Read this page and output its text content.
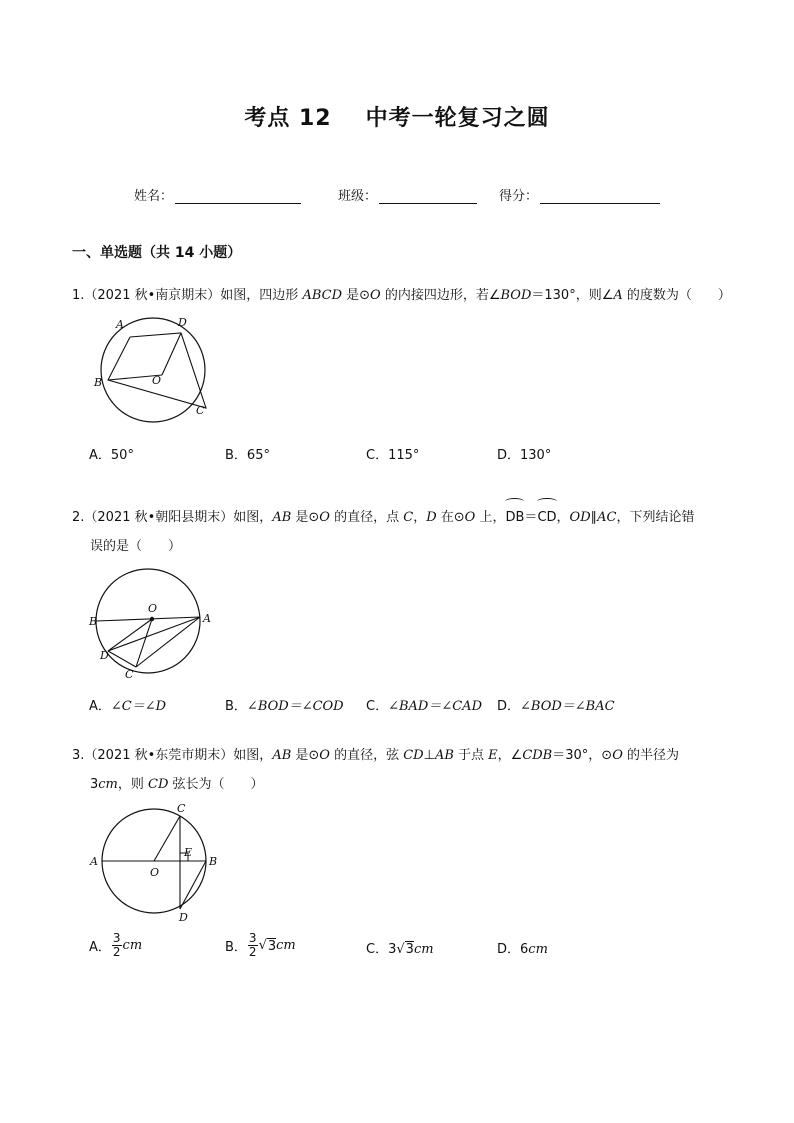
考点 12 中考一轮复习之圆
姓名：	班级：	得分：
一、单选题（共 14 小题）
1.（2021 秋•南京期末）如图，四边形 ABCD 是⊙O 的内接四边形，若∠BOD＝130°，则∠A 的度数为（　　）
A	D
B	O
C
A．50°	B．65°	C．115°	D．130°
2.（2021 秋•朝阳县期末）如图，AB 是⊙O 的直径，点 C，D 在⊙O 上，DB＝CD，OD∥AC，下列结论错
误的是（　　）
O
B	A
D
C
A．∠C＝∠D	B．∠BOD＝∠COD C．∠BAD＝∠CAD D．∠BOD＝∠BAC
3.（2021 秋•东莞市期末）如图，AB 是⊙O 的直径，弦 CD⊥AB 于点 E，∠CDB＝30°，⊙O 的半径为
3cm，则 CD 弦长为（　　）
C
A
E
B
O
D
A． $\frac{3}{2}$ cm	B． $\frac{3}{2}$ √ 3 cm	C．3√3cm	D．6cm
